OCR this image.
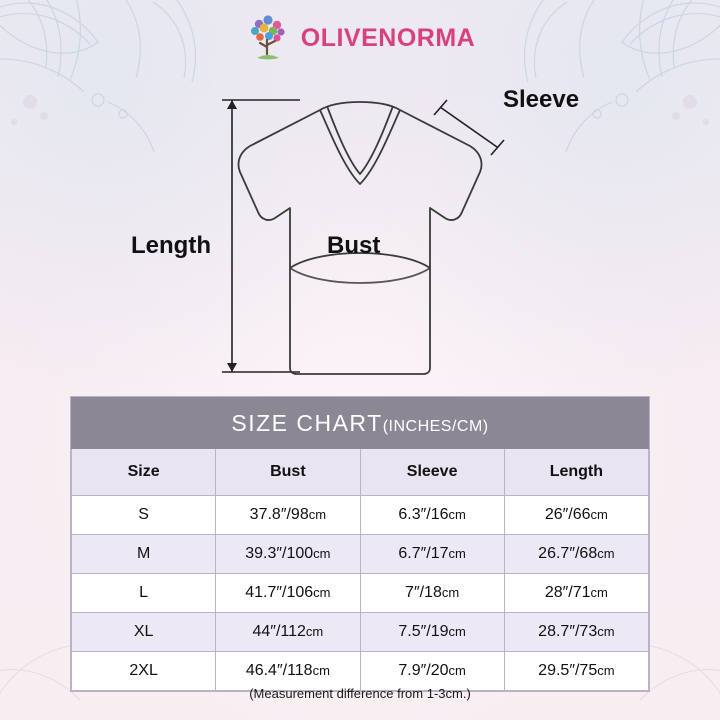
OLIVENORMA
Sleeve
Length	Bust
SIZE CHART(INCHES/CM)			
Size	Bust	Sleeve	Length
S	37.8″/98cm	6.3″/16cm	26″/66cm
M	39.3″/100cm	6.7″/17cm	26.7″/68cm
L	41.7″/106cm	7″/18cm	28″/71cm
XL	44″/112cm	7.5″/19cm	28.7″/73cm
2XL	46.4″/118cm	7.9″/20cm	29.5″/75cm
(Measurement difference from 1-3cm.)
